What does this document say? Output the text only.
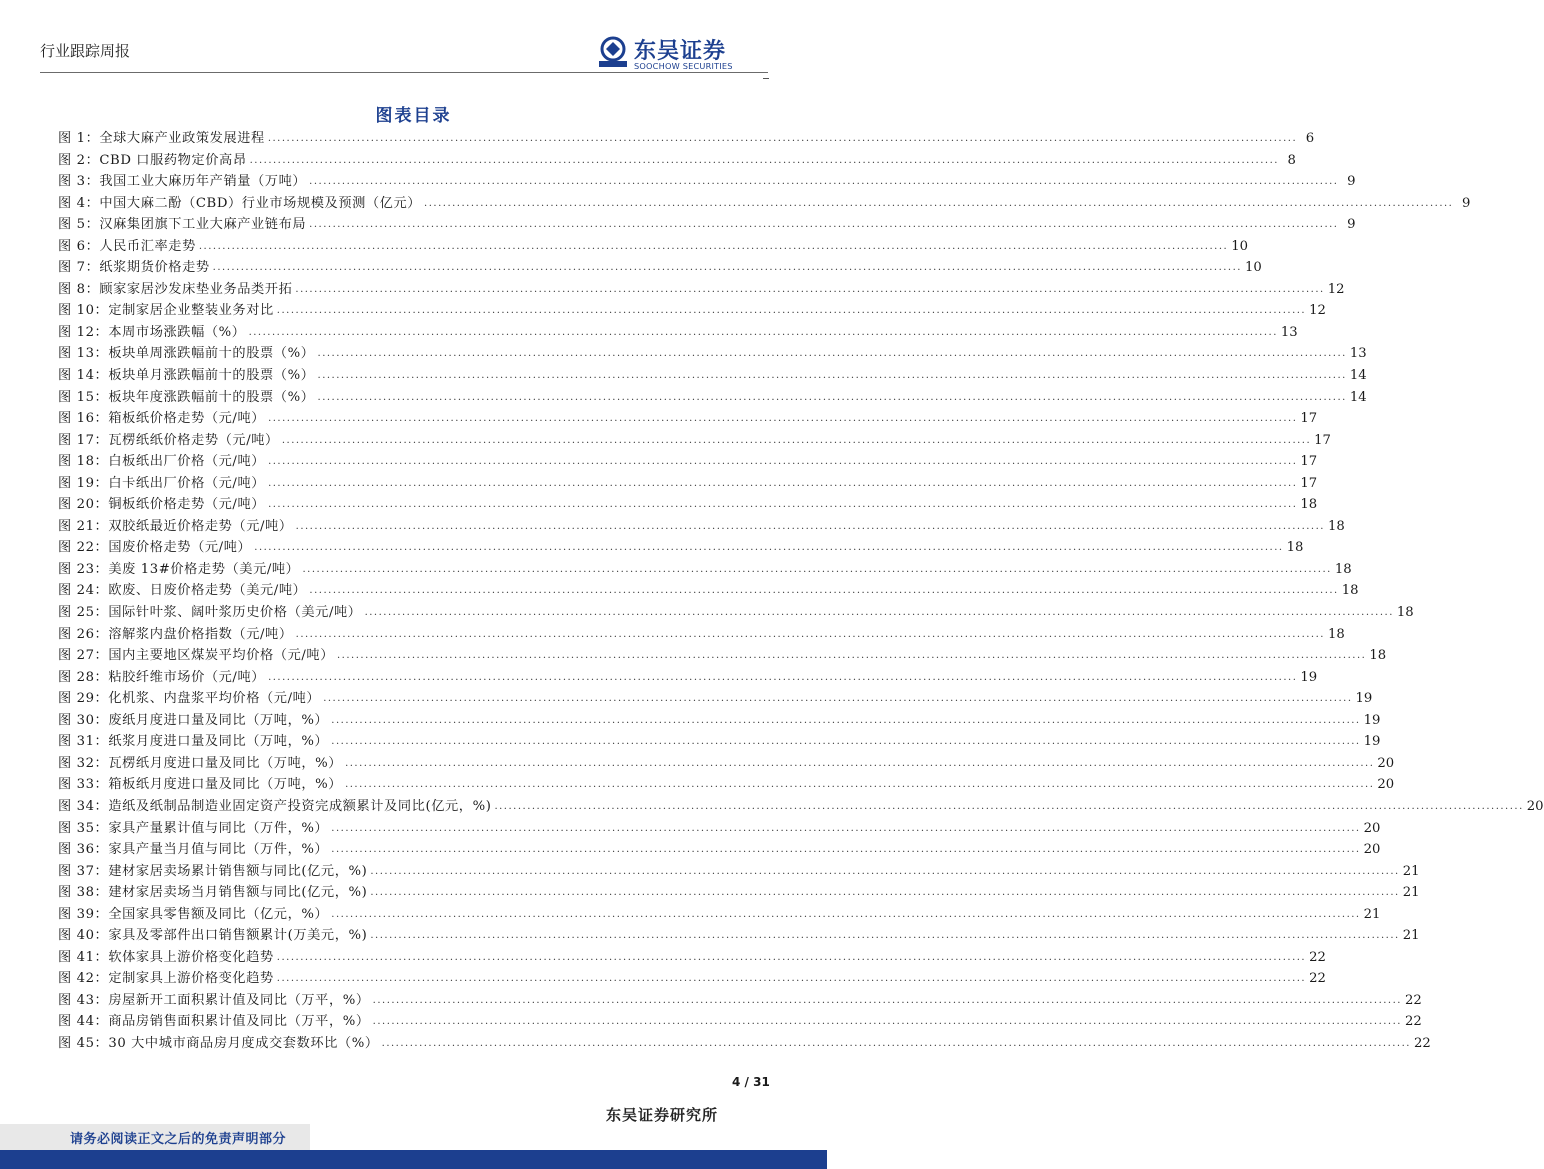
行业跟踪周报	东吴证券
SOOCHOW SECURITIES
图表目录
图 1：全球大麻产业政策发展进程 ............................................................................................................................................................................................................................ 6
图 2：CBD 口服药物定价高昂 ............................................................................................................................................................................................................................ 8
图 3：我国工业大麻历年产销量（万吨） ............................................................................................................................................................................................................................ 9
图 4：中国大麻二酚（CBD）行业市场规模及预测（亿元） ............................................................................................................................................................................................................................ 9
图 5：汉麻集团旗下工业大麻产业链布局 ............................................................................................................................................................................................................................ 9
图 6：人民币汇率走势 ............................................................................................................................................................................................................................ 10
图 7：纸浆期货价格走势 ............................................................................................................................................................................................................................ 10
图 8：顾家家居沙发床垫业务品类开拓 ............................................................................................................................................................................................................................ 12
图 10：定制家居企业整装业务对比 ............................................................................................................................................................................................................................ 12
图 12：本周市场涨跌幅（%） ............................................................................................................................................................................................................................ 13
图 13：板块单周涨跌幅前十的股票（%） ............................................................................................................................................................................................................................ 13
图 14：板块单月涨跌幅前十的股票（%） ............................................................................................................................................................................................................................ 14
图 15：板块年度涨跌幅前十的股票（%） ............................................................................................................................................................................................................................ 14
图 16：箱板纸价格走势（元/吨） ............................................................................................................................................................................................................................ 17
图 17：瓦楞纸纸价格走势（元/吨） ............................................................................................................................................................................................................................ 17
图 18：白板纸出厂价格（元/吨） ............................................................................................................................................................................................................................ 17
图 19：白卡纸出厂价格（元/吨） ............................................................................................................................................................................................................................ 17
图 20：铜板纸价格走势（元/吨） ............................................................................................................................................................................................................................ 18
图 21：双胶纸最近价格走势（元/吨） ............................................................................................................................................................................................................................ 18
图 22：国废价格走势（元/吨） ............................................................................................................................................................................................................................ 18
图 23：美废 13#价格走势（美元/吨） ............................................................................................................................................................................................................................ 18
图 24：欧废、日废价格走势（美元/吨） ............................................................................................................................................................................................................................ 18
图 25：国际针叶浆、阔叶浆历史价格（美元/吨） ............................................................................................................................................................................................................................ 18
图 26：溶解浆内盘价格指数（元/吨） ............................................................................................................................................................................................................................ 18
图 27：国内主要地区煤炭平均价格（元/吨） ............................................................................................................................................................................................................................ 18
图 28：粘胶纤维市场价（元/吨） ............................................................................................................................................................................................................................ 19
图 29：化机浆、内盘浆平均价格（元/吨） ............................................................................................................................................................................................................................ 19
图 30：废纸月度进口量及同比（万吨，%） ............................................................................................................................................................................................................................ 19
图 31：纸浆月度进口量及同比（万吨，%） ............................................................................................................................................................................................................................ 19
图 32：瓦楞纸月度进口量及同比（万吨，%） ............................................................................................................................................................................................................................ 20
图 33：箱板纸月度进口量及同比（万吨，%） ............................................................................................................................................................................................................................ 20
图 34：造纸及纸制品制造业固定资产投资完成额累计及同比(亿元，%) ............................................................................................................................................................................................................................ 20
图 35：家具产量累计值与同比（万件，%） ............................................................................................................................................................................................................................ 20
图 36：家具产量当月值与同比（万件，%） ............................................................................................................................................................................................................................ 20
图 37：建材家居卖场累计销售额与同比(亿元，%) ............................................................................................................................................................................................................................ 21
图 38：建材家居卖场当月销售额与同比(亿元，%) ............................................................................................................................................................................................................................ 21
图 39：全国家具零售额及同比（亿元，%） ............................................................................................................................................................................................................................ 21
图 40：家具及零部件出口销售额累计(万美元，%) ............................................................................................................................................................................................................................ 21
图 41：软体家具上游价格变化趋势 ............................................................................................................................................................................................................................ 22
图 42：定制家具上游价格变化趋势 ............................................................................................................................................................................................................................ 22
图 43：房屋新开工面积累计值及同比（万平，%） ............................................................................................................................................................................................................................ 22
图 44：商品房销售面积累计值及同比（万平，%） ............................................................................................................................................................................................................................ 22
图 45：30 大中城市商品房月度成交套数环比（%） ............................................................................................................................................................................................................................ 22
4 / 31
东吴证券研究所
请务必阅读正文之后的免责声明部分
